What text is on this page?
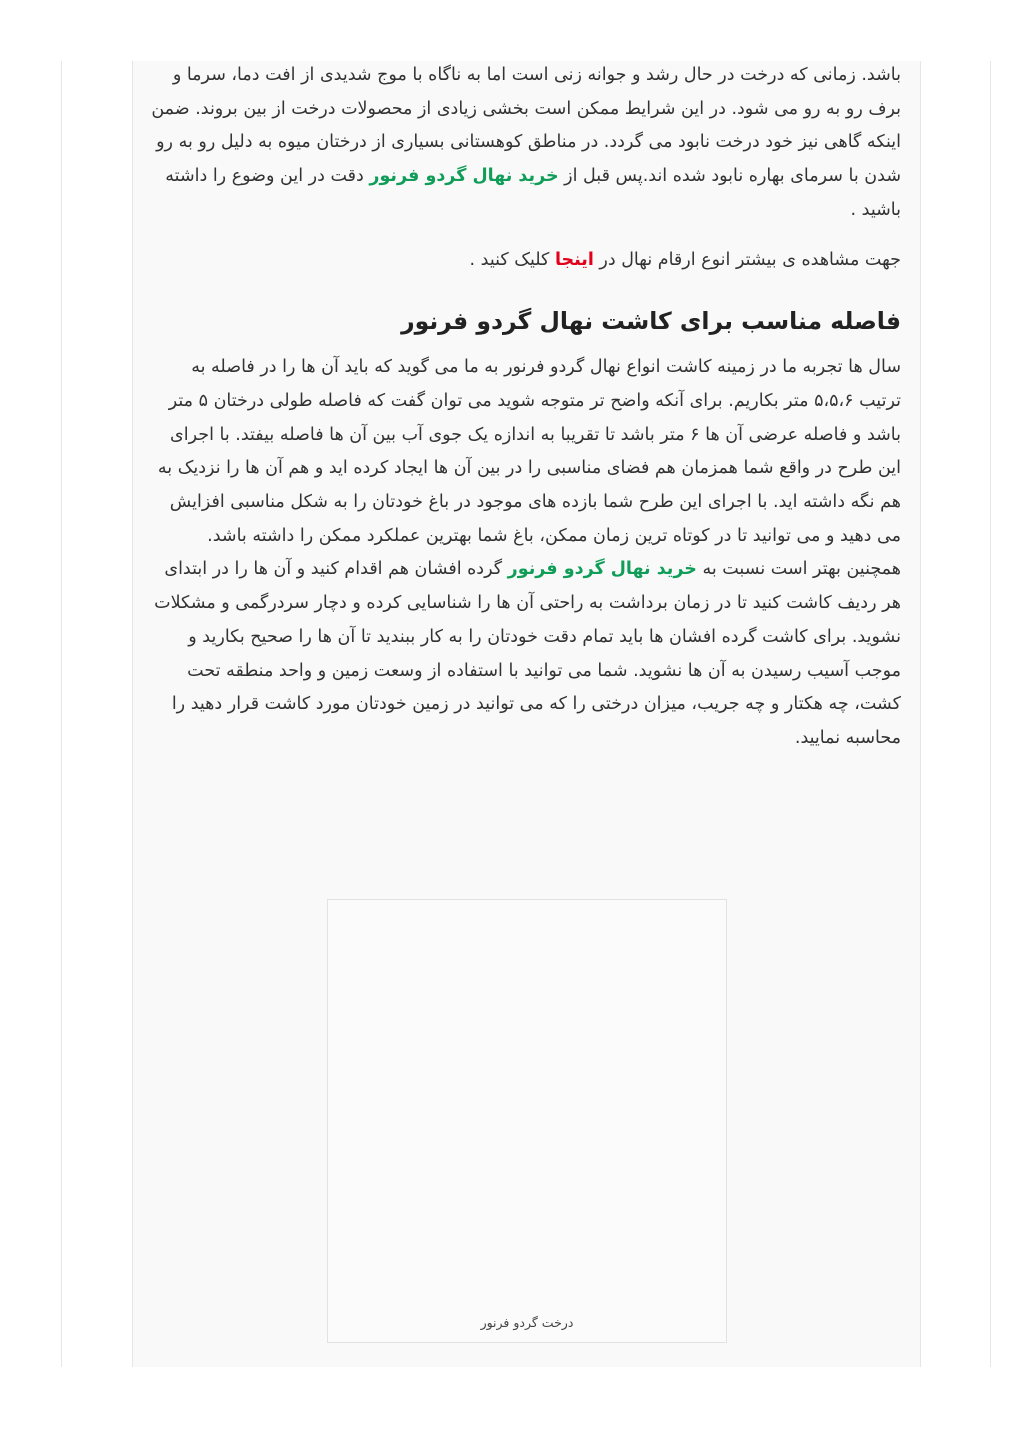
باشد. زمانی که درخت در حال رشد و جوانه زنی است اما به ناگاه با موج شدیدی از افت دما، سرما و برف رو به رو می شود. در این شرایط ممکن است بخشی زیادی از محصولات درخت از بین بروند. ضمن اینکه گاهی نیز خود درخت نابود می گردد. در مناطق کوهستانی بسیاری از درختان میوه به دلیل رو به رو شدن با سرمای بهاره نابود شده اند.پس قبل از خرید نهال گردو فرنور دقت در این وضوع را داشته باشید .

جهت مشاهده ی بیشتر انوع ارقام نهال در اینجا کلیک کنید .

فاصله مناسب برای کاشت نهال گردو فرنور

سال ها تجربه ما در زمینه کاشت انواع نهال گردو فرنور به ما می گوید که باید آن ها را در فاصله به ترتیب ۵،۵،۶ متر بکاریم. برای آنکه واضح تر متوجه شوید می توان گفت که فاصله طولی درختان ۵ متر باشد و فاصله عرضی آن ها ۶ متر باشد تا تقریبا به اندازه یک جوی آب بین آن ها فاصله بیفتد. با اجرای این طرح در واقع شما همزمان هم فضای مناسبی را در بین آن ها ایجاد کرده اید و هم آن ها را نزدیک به هم نگه داشته اید. با اجرای این طرح شما بازده های موجود در باغ خودتان را به شکل مناسبی افزایش می دهید و می توانید تا در کوتاه ترین زمان ممکن، باغ شما بهترین عملکرد ممکن را داشته باشد. همچنین بهتر است نسبت به خرید نهال گردو فرنور گرده افشان هم اقدام کنید و آن ها را در ابتدای هر ردیف کاشت کنید تا در زمان برداشت به راحتی آن ها را شناسایی کرده و دچار سردرگمی و مشکلات نشوید. برای کاشت گرده افشان ها باید تمام دقت خودتان را به کار ببندید تا آن ها را صحیح بکارید و موجب آسیب رسیدن به آن ها نشوید. شما می توانید با استفاده از وسعت زمین و واحد منطقه تحت کشت، چه هکتار و چه جریب، میزان درختی را که می توانید در زمین خودتان مورد کاشت قرار دهید را محاسبه نمایید.

درخت گردو فرنور
